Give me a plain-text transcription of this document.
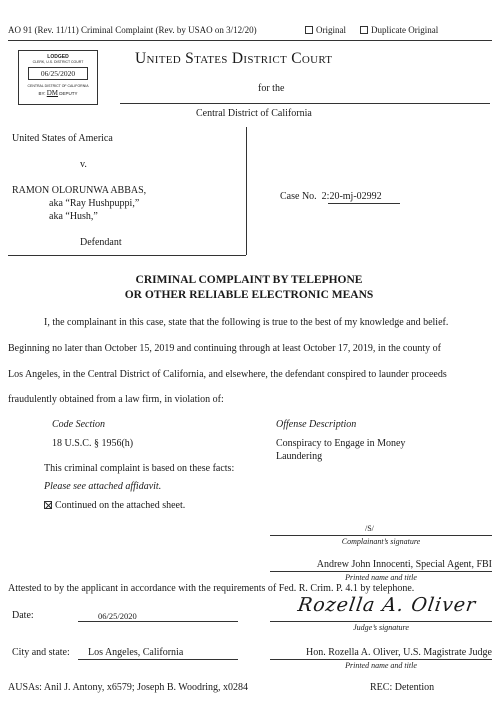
AO 91 (Rev. 11/11) Criminal Complaint (Rev. by USAO on 3/12/20)	Original	Duplicate Original
LODGED
CLERK, U.S. DISTRICT COURT
06/25/2020
CENTRAL DISTRICT OF CALIFORNIA
BY: DM DEPUTY
United States District Court
for the
Central District of California
United States of America
v.
RAMON OLORUNWA ABBAS,
aka “Ray Hushpuppi,”
aka “Hush,”
Defendant
Case No. 2:20-mj-02992
CRIMINAL COMPLAINT BY TELEPHONE
OR OTHER RELIABLE ELECTRONIC MEANS
I, the complainant in this case, state that the following is true to the best of my knowledge and belief.
Beginning no later than October 15, 2019 and continuing through at least October 17, 2019, in the county of
Los Angeles, in the Central District of California, and elsewhere, the defendant conspired to launder proceeds
fraudulently obtained from a law firm, in violation of:
Code Section	Offense Description
18 U.S.C. § 1956(h)	Conspiracy to Engage in Money
Laundering
This criminal complaint is based on these facts:
Please see attached affidavit.
Continued on the attached sheet.
/S/
Complainant’s signature
Andrew John Innocenti, Special Agent, FBI
Printed name and title
Attested to by the applicant in accordance with the requirements of Fed. R. Crim. P. 4.1 by telephone.
Date:	06/25/2020	Rozella A. Oliver
Judge’s signature
City and state: Los Angeles, California	Hon. Rozella A. Oliver, U.S. Magistrate Judge
Printed name and title
AUSAs: Anil J. Antony, x6579; Joseph B. Woodring, x0284	REC: Detention
